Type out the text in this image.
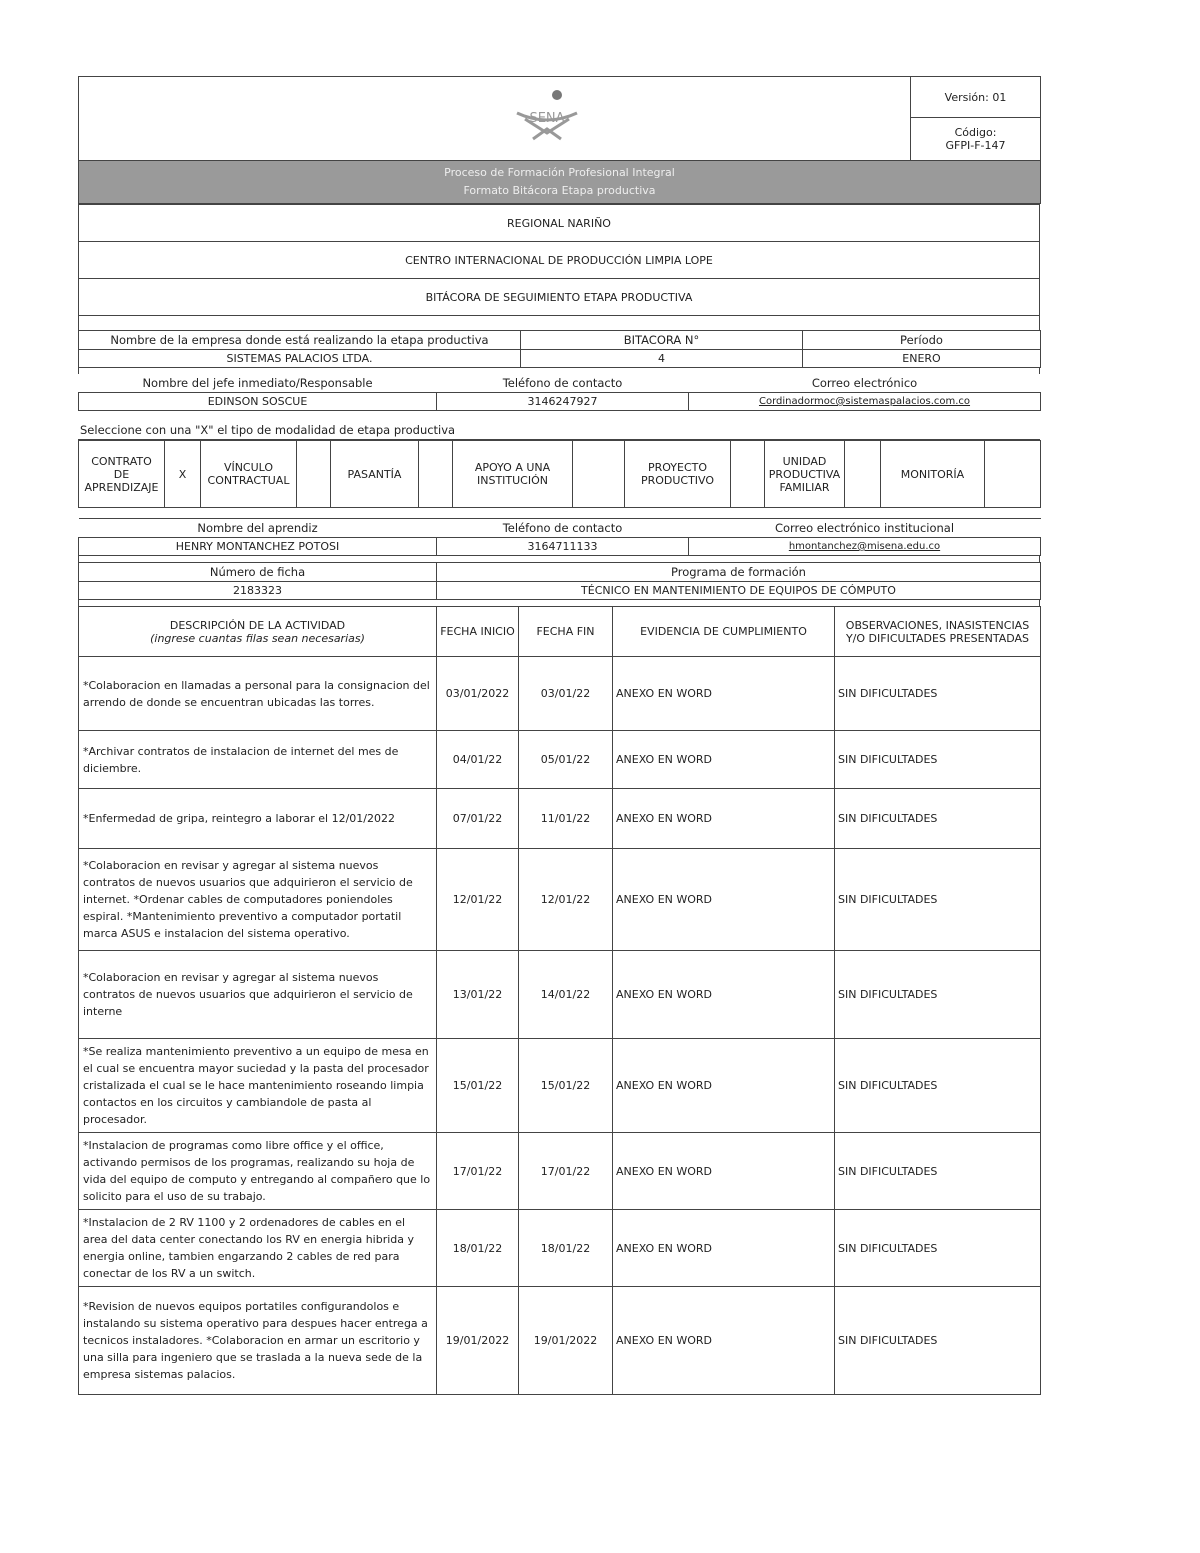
SENA
	Versión: 01

Código:
GFPI-F-147

Proceso de Formación Profesional Integral
Formato Bitácora Etapa productiva
REGIONAL NARIÑO
CENTRO INTERNACIONAL DE PRODUCCIÓN LIMPIA LOPE
BITÁCORA DE SEGUIMIENTO ETAPA PRODUCTIVA
Nombre de la empresa donde está realizando la etapa productiva	BITACORA N°	Período
SISTEMAS PALACIOS LTDA.	4	ENERO
Nombre del jefe inmediato/Responsable	Teléfono de contacto	Correo electrónico
EDINSON SOSCUE	3146247927	Cordinadormoc@sistemaspalacios.com.co
Seleccione con una "X" el tipo de modalidad de etapa productiva
CONTRATO DE APRENDIZAJE	X	VÍNCULO CONTRACTUAL		PASANTÍA		APOYO A UNA INSTITUCIÓN		PROYECTO PRODUCTIVO		UNIDAD PRODUCTIVA FAMILIAR		MONITORÍA	
Nombre del aprendiz	Teléfono de contacto	Correo electrónico institucional
HENRY MONTANCHEZ POTOSI	3164711133	hmontanchez@misena.edu.co
Número de ficha	Programa de formación
2183323	TÉCNICO EN MANTENIMIENTO DE EQUIPOS DE CÓMPUTO
DESCRIPCIÓN DE LA ACTIVIDAD
(ingrese cuantas filas sean necesarias)	FECHA INICIO	FECHA FIN	EVIDENCIA DE CUMPLIMIENTO	OBSERVACIONES, INASISTENCIAS Y/O DIFICULTADES PRESENTADAS
*Colaboracion en llamadas a personal para la consignacion del arrendo de donde se encuentran ubicadas las torres.	03/01/2022	03/01/22	ANEXO EN WORD	SIN DIFICULTADES
*Archivar contratos de instalacion de internet del mes de diciembre.	04/01/22	05/01/22	ANEXO EN WORD	SIN DIFICULTADES
*Enfermedad de gripa, reintegro a laborar el 12/01/2022	07/01/22	11/01/22	ANEXO EN WORD	SIN DIFICULTADES
*Colaboracion en revisar y agregar al sistema nuevos contratos de nuevos usuarios que adquirieron el servicio de internet. *Ordenar cables de computadores poniendoles espiral. *Mantenimiento preventivo a computador portatil marca ASUS e instalacion del sistema operativo.	12/01/22	12/01/22	ANEXO EN WORD	SIN DIFICULTADES
*Colaboracion en revisar y agregar al sistema nuevos contratos de nuevos usuarios que adquirieron el servicio de interne	13/01/22	14/01/22	ANEXO EN WORD	SIN DIFICULTADES
*Se realiza mantenimiento preventivo a un equipo de mesa en el cual se encuentra mayor suciedad y la pasta del procesador cristalizada el cual se le hace mantenimiento roseando limpia contactos en los circuitos y cambiandole de pasta al procesador.	15/01/22	15/01/22	ANEXO EN WORD	SIN DIFICULTADES
*Instalacion de programas como libre office y el office, activando permisos de los programas, realizando su hoja de vida del equipo de computo y entregando al compañero que lo solicito para el uso de su trabajo.	17/01/22	17/01/22	ANEXO EN WORD	SIN DIFICULTADES
*Instalacion de 2 RV 1100 y 2 ordenadores de cables en el area del data center conectando los RV en energia hibrida y energia online, tambien engarzando 2 cables de red para conectar de los RV a un switch.	18/01/22	18/01/22	ANEXO EN WORD	SIN DIFICULTADES
*Revision de nuevos equipos portatiles configurandolos e instalando su sistema operativo para despues hacer entrega a tecnicos instaladores. *Colaboracion en armar un escritorio y una silla para ingeniero que se traslada a la nueva sede de la empresa sistemas palacios.	19/01/2022	19/01/2022	ANEXO EN WORD	SIN DIFICULTADES
